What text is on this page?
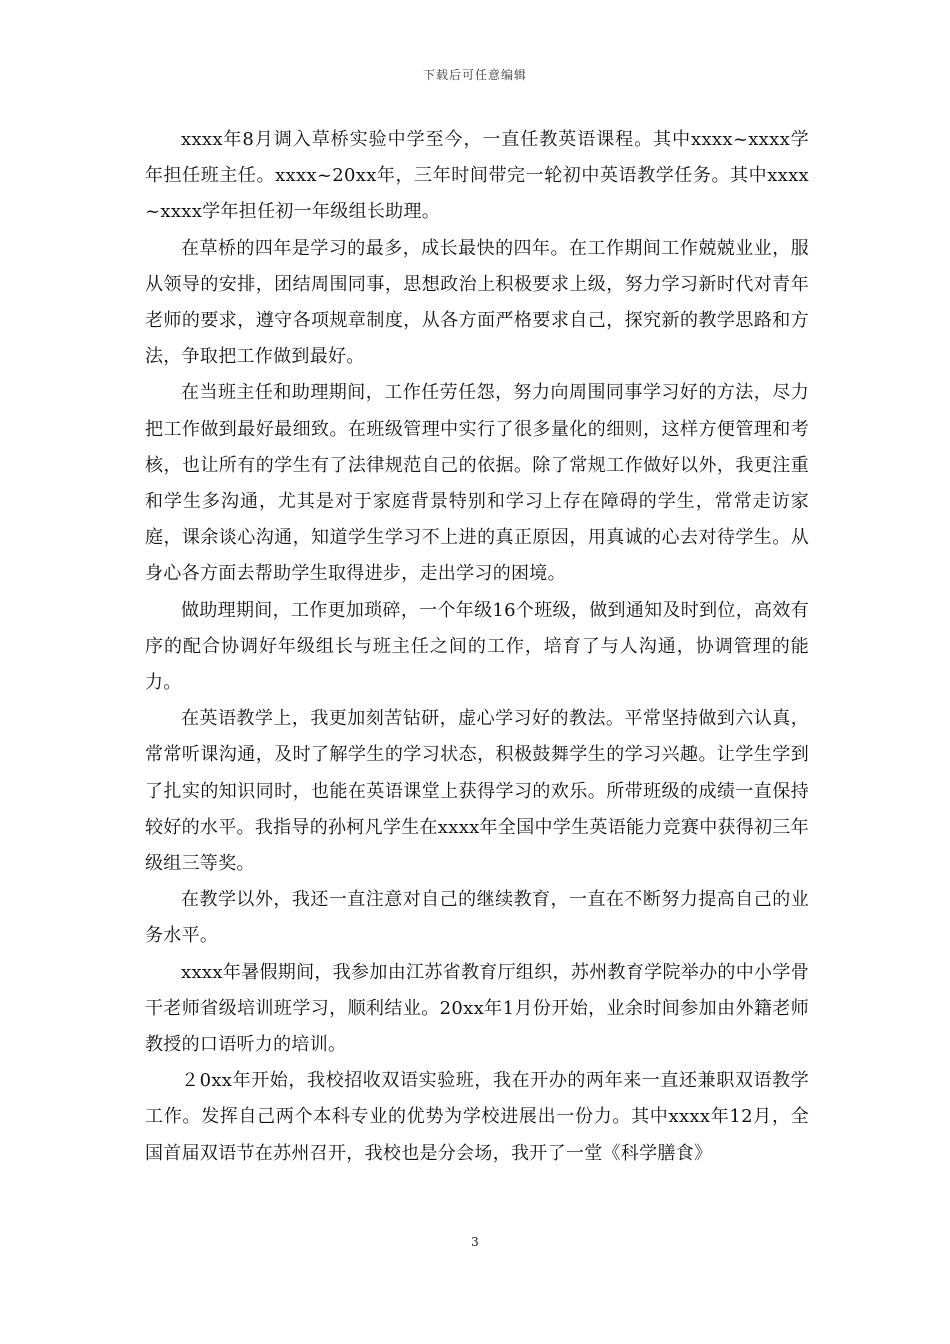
下载后可任意编辑

xxxx年8月调入草桥实验中学至今，一直任教英语课程。其中xxxx~xxxx学年担任班主任。xxxx~20xx年，三年时间带完一轮初中英语教学任务。其中xxxx~xxxx学年担任初一年级组长助理。

在草桥的四年是学习的最多，成长最快的四年。在工作期间工作兢兢业业，服从领导的安排，团结周围同事，思想政治上积极要求上级，努力学习新时代对青年老师的要求，遵守各项规章制度，从各方面严格要求自己，探究新的教学思路和方法，争取把工作做到最好。

在当班主任和助理期间，工作任劳任怨，努力向周围同事学习好的方法，尽力把工作做到最好最细致。在班级管理中实行了很多量化的细则，这样方便管理和考核，也让所有的学生有了法律规范自己的依据。除了常规工作做好以外，我更注重和学生多沟通，尤其是对于家庭背景特别和学习上存在障碍的学生，常常走访家庭，课余谈心沟通，知道学生学习不上进的真正原因，用真诚的心去对待学生。从身心各方面去帮助学生取得进步，走出学习的困境。

做助理期间，工作更加琐碎，一个年级16个班级，做到通知及时到位，高效有序的配合协调好年级组长与班主任之间的工作，培育了与人沟通，协调管理的能力。

在英语教学上，我更加刻苦钻研，虚心学习好的教法。平常坚持做到六认真，常常听课沟通，及时了解学生的学习状态，积极鼓舞学生的学习兴趣。让学生学到了扎实的知识同时，也能在英语课堂上获得学习的欢乐。所带班级的成绩一直保持较好的水平。我指导的孙柯凡学生在xxxx年全国中学生英语能力竞赛中获得初三年级组三等奖。

在教学以外，我还一直注意对自己的继续教育，一直在不断努力提高自己的业务水平。

xxxx年暑假期间，我参加由江苏省教育厅组织，苏州教育学院举办的中小学骨干老师省级培训班学习，顺利结业。20xx年1月份开始，业余时间参加由外籍老师教授的口语听力的培训。

２0xx年开始，我校招收双语实验班，我在开办的两年来一直还兼职双语教学工作。发挥自己两个本科专业的优势为学校进展出一份力。其中xxxx年12月，全国首届双语节在苏州召开，我校也是分会场，我开了一堂《科学膳食》

3
